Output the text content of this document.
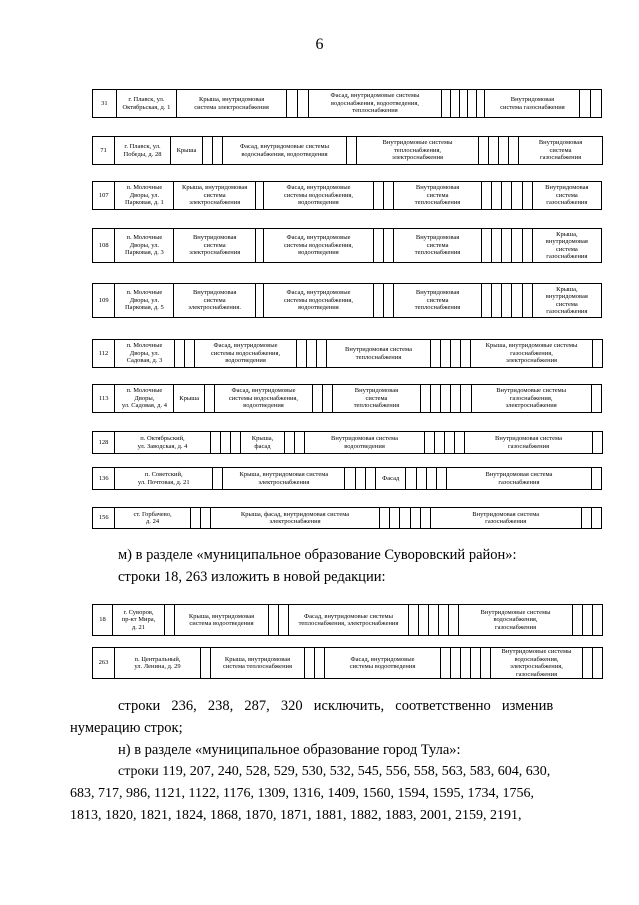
6
31	г. Плавск, ул.
Октябрьская, д. 1	Крыша, внутридомовая
система электроснабжения			Фасад, внутридомовые системы
водоснабжения, водоотведения,
теплоснабжения						Внутридомовая
система газоснабжения		
71	г. Плавск, ул.
Победы, д. 28	Крыша			Фасад, внутридомовые системы
водоснабжения, водоотведения		Внутридомовые системы
теплоснабжения,
электроснабжения					Внутридомовая
система
газоснабжения
107	п. Молочные
Дворы, ул.
Парковая, д. 1	Крыша, внутридомовая
система
электроснабжения		Фасад, внутридомовые
системы водоснабжения,
водоотведения			Внутридомовая
система
теплоснабжения						Внутридомовая
система
газоснабжения
108	п. Молочные
Дворы, ул.
Парковая, д. 3	Внутридомовая
система
электроснабжения		Фасад, внутридомовые
системы водоснабжения,
водоотведения			Внутридомовая
система
теплоснабжения						Крыша,
внутридомовая
система
газоснабжения
109	п. Молочные
Дворы, ул.
Парковая, д. 5	Внутридомовая
система
электроснабжения.		Фасад, внутридомовые
системы водоснабжения,
водоотведения			Внутридомовая
система
теплоснабжения						Крыша,
внутридомовая
система
газоснабжения
112	п. Молочные
Дворы, ул.
Садовая, д. 3			Фасад, внутридомовые
системы водоснабжения,
водоотведения				Внутридомовая система
теплоснабжения					Крыша, внутридомовые системы
газоснабжения,
электроснабжения	
113	п. Молочные
Дворы,
ул. Садовая, д. 4	Крыша		Фасад, внутридомовые
системы водоснабжения,
водоотведения			Внутридомовая
система
теплоснабжения						Внутридомовые системы
газоснабжения,
электроснабжения	
128	п. Октябрьский,
ул. Заводская, д. 4				Крыша,
фасад			Внутридомовая система
водоотведения					Внутридомовая система
газоснабжения	
136	п. Советский,
ул. Почтовая, д. 21		Крыша, внутридомовая система
электроснабжения				Фасад					Внутридомовая система
газоснабжения	
156	ст. Горбачево,
д. 24			Крыша, фасад, внутридомовая система
электроснабжения						Внутридомовая система
газоснабжения		
м) в разделе «муниципальное образование Суворовский район»:
строки 18, 263 изложить в новой редакции:
18	г. Суворов,
пр-кт Мира,
д. 21		Крыша, внутридомовая
система водоотведения			Фасад, внутридомовые системы
теплоснабжения, электроснабжения						Внутридомовые системы
водоснабжения,
газоснабжения			
263	п. Центральный,
ул. Ленина, д. 29		Крыша, внутридомовая
система теплоснабжения			Фасад, внутридомовые
системы водоотведения						Внутридомовые системы
водоснабжения,
электроснабжения,
газоснабжения		
строки 236, 238, 287, 320 исключить, соответственно изменив
нумерацию строк;
н) в разделе «муниципальное образование город Тула»:
строки 119, 207, 240, 528, 529, 530, 532, 545, 556, 558, 563, 583, 604, 630,
683, 717, 986, 1121, 1122, 1176, 1309, 1316, 1409, 1560, 1594, 1595, 1734, 1756,
1813, 1820, 1821, 1824, 1868, 1870, 1871, 1881, 1882, 1883, 2001, 2159, 2191,
